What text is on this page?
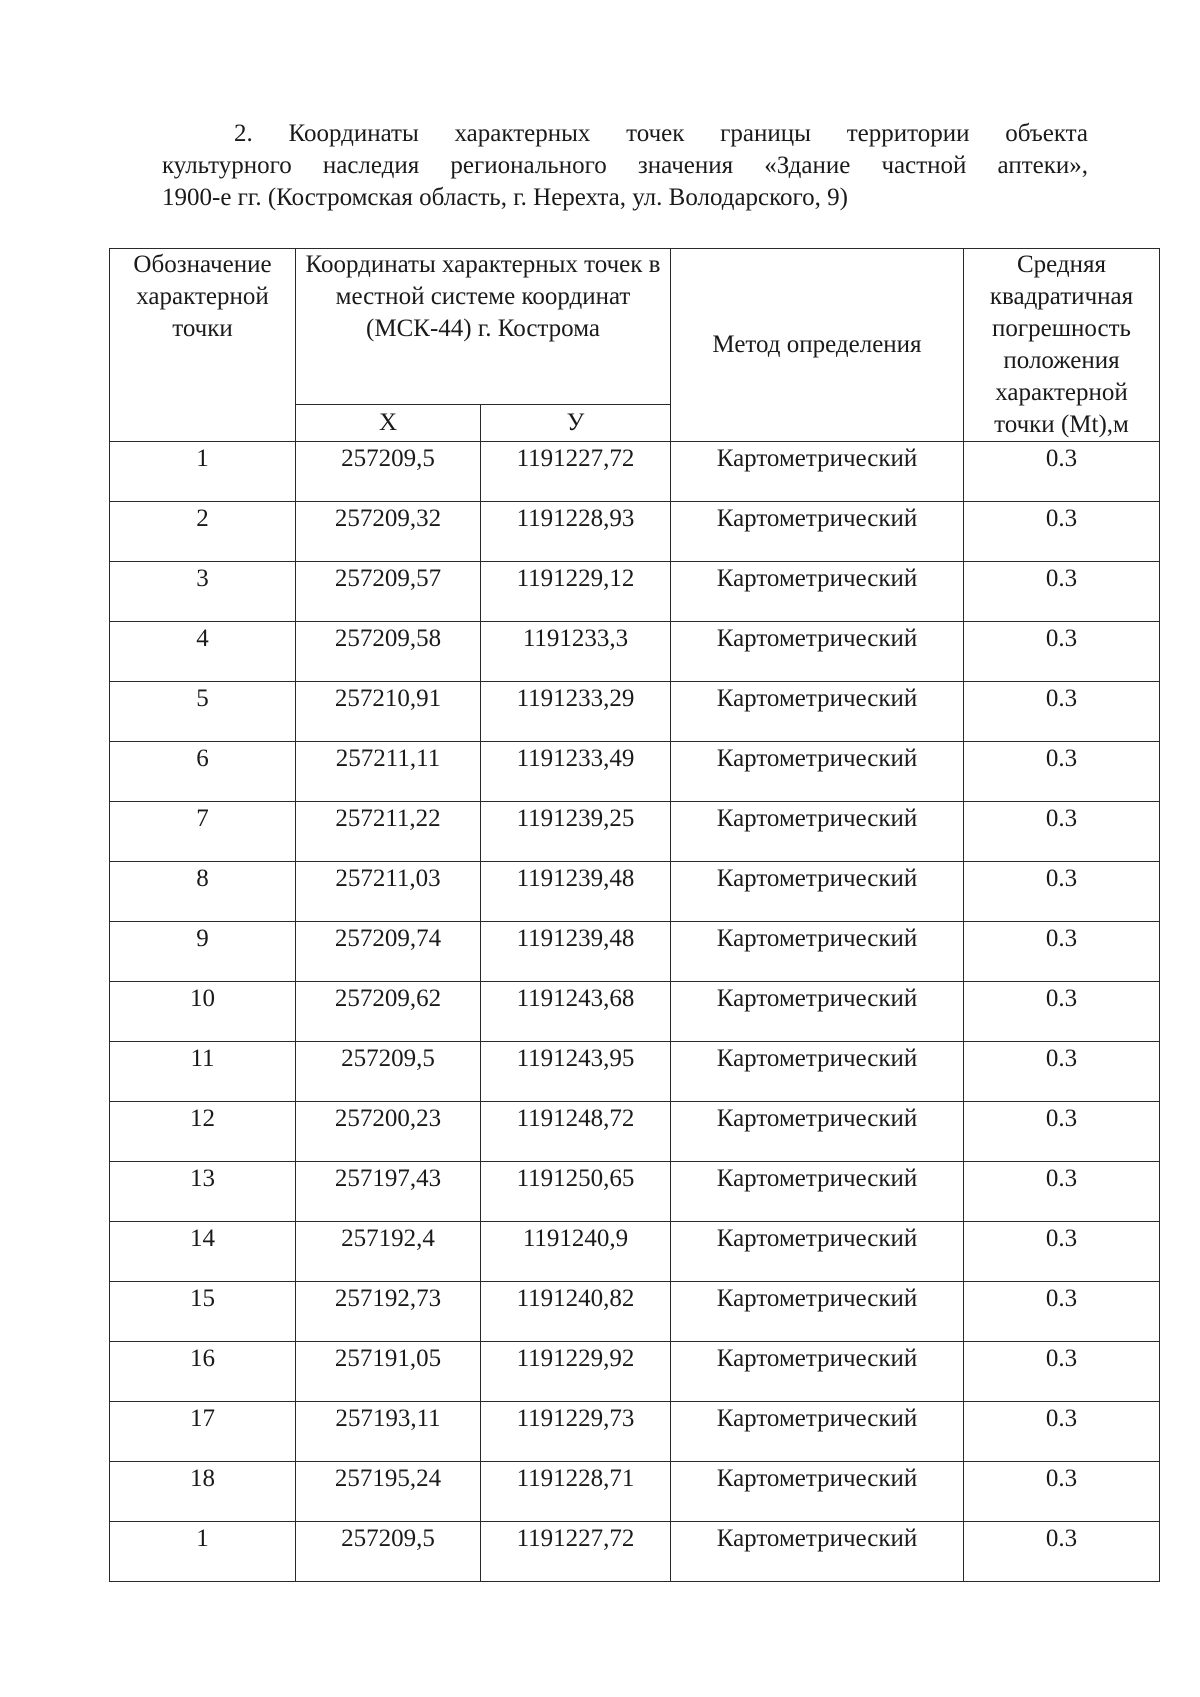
2. Координаты характерных точек границы территории объекта
культурного наследия регионального значения «Здание частной аптеки»,
1900-е гг. (Костромская область, г. Нерехта, ул. Володарского, 9)
Обозначение характерной точки	Координаты характерных точек в местной системе координат (МСК-44) г. Кострома		Метод определения	Средняя квадратичная погрешность положения характерной точки (Mt),м
	X	У		
1	257209,5	1191227,72	Картометрический	0.3
2	257209,32	1191228,93	Картометрический	0.3
3	257209,57	1191229,12	Картометрический	0.3
4	257209,58	1191233,3	Картометрический	0.3
5	257210,91	1191233,29	Картометрический	0.3
6	257211,11	1191233,49	Картометрический	0.3
7	257211,22	1191239,25	Картометрический	0.3
8	257211,03	1191239,48	Картометрический	0.3
9	257209,74	1191239,48	Картометрический	0.3
10	257209,62	1191243,68	Картометрический	0.3
11	257209,5	1191243,95	Картометрический	0.3
12	257200,23	1191248,72	Картометрический	0.3
13	257197,43	1191250,65	Картометрический	0.3
14	257192,4	1191240,9	Картометрический	0.3
15	257192,73	1191240,82	Картометрический	0.3
16	257191,05	1191229,92	Картометрический	0.3
17	257193,11	1191229,73	Картометрический	0.3
18	257195,24	1191228,71	Картометрический	0.3
1	257209,5	1191227,72	Картометрический	0.3
